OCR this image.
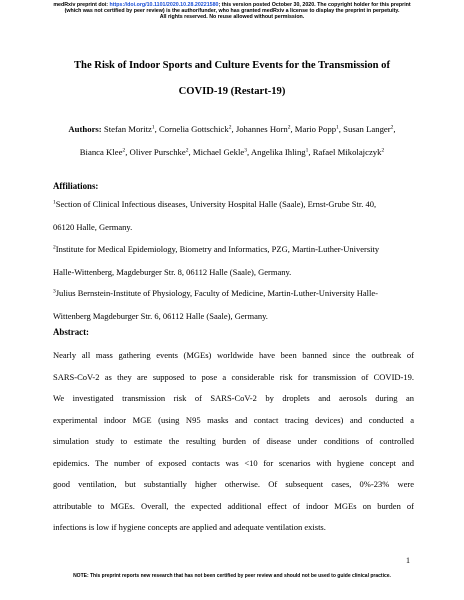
medRxiv preprint doi: https://doi.org/10.1101/2020.10.28.20221580; this version posted October 30, 2020. The copyright holder for this preprint
(which was not certified by peer review) is the author/funder, who has granted medRxiv a license to display the preprint in perpetuity.
All rights reserved. No reuse allowed without permission.
The Risk of Indoor Sports and Culture Events for the Transmission of
COVID-19 (Restart-19)
Authors: Stefan Moritz$^1$, Cornelia Gottschick$^2$, Johannes Horn$^2$, Mario Popp$^1$, Susan Langer$^2$,
Bianca Klee$^2$, Oliver Purschke$^2$, Michael Gekle$^3$, Angelika Ihling$^1$, Rafael Mikolajczyk$^2$
Affiliations:
$^1$Section of Clinical Infectious diseases, University Hospital Halle (Saale), Ernst-Grube Str. 40,
06120 Halle, Germany.
$^2$Institute for Medical Epidemiology, Biometry and Informatics, PZG, Martin-Luther-University
Halle-Wittenberg, Magdeburger Str. 8, 06112 Halle (Saale), Germany.
$^3$Julius Bernstein-Institute of Physiology, Faculty of Medicine, Martin-Luther-University Halle-
Wittenberg Magdeburger Str. 6, 06112 Halle (Saale), Germany.
Abstract:
Nearly all mass gathering events (MGEs) worldwide have been banned since the outbreak of
SARS-CoV-2 as they are supposed to pose a considerable risk for transmission of COVID-19.
We investigated transmission risk of SARS-CoV-2 by droplets and aerosols during an
experimental indoor MGE (using N95 masks and contact tracing devices) and conducted a
simulation study to estimate the resulting burden of disease under conditions of controlled
epidemics. The number of exposed contacts was <10 for scenarios with hygiene concept and
good ventilation, but substantially higher otherwise. Of subsequent cases, 0%-23% were
attributable to MGEs. Overall, the expected additional effect of indoor MGEs on burden of
infections is low if hygiene concepts are applied and adequate ventilation exists.
1
NOTE: This preprint reports new research that has not been certified by peer review and should not be used to guide clinical practice.
